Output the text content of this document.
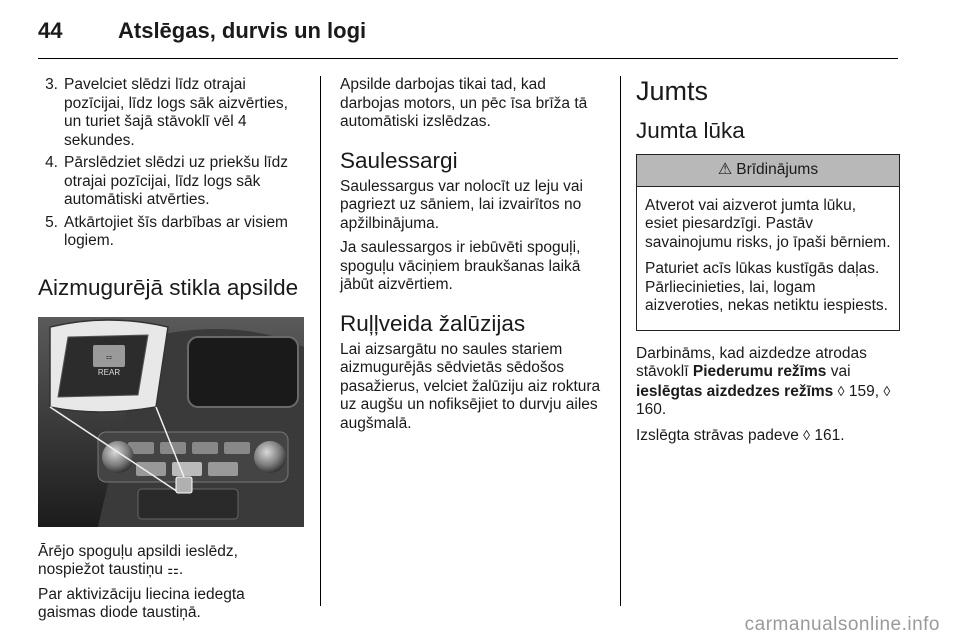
44	Atslēgas, durvis un logi
3. Pavelciet slēdzi līdz otrajai pozīcijai, līdz logs sāk aizvērties, un turiet šajā stāvoklī vēl 4 sekundes.
4. Pārslēdziet slēdzi uz priekšu līdz otrajai pozīcijai, līdz logs sāk automātiski atvērties.
5. Atkārtojiet šīs darbības ar visiem logiem.
Aizmugurējā stikla apsilde
⚏
REAR

Ārējo spoguļu apsildi ieslēdz, nospiežot taustiņu ⚏.

Par aktivizāciju liecina iedegta gaismas diode taustiņā.

Apsilde darbojas tikai tad, kad darbojas motors, un pēc īsa brīža tā automātiski izslēdzas.

Saulessargi

Saulessargus var nolocīt uz leju vai pagriezt uz sāniem, lai izvairītos no apžilbinājuma.

Ja saulessargos ir iebūvēti spoguļi, spoguļu vāciņiem braukšanas laikā jābūt aizvērtiem.

Ruļļveida žalūzijas

Lai aizsargātu no saules stariem aizmugurējās sēdvietās sēdošos pasažierus, velciet žalūziju aiz roktura uz augšu un nofiksējiet to durvju ailes augšmalā.

Jumts
Jumta lūka
⚠ Brīdinājums

Atverot vai aizverot jumta lūku, esiet piesardzīgi. Pastāv savainojumu risks, jo īpaši bērniem.

Paturiet acīs lūkas kustīgās daļas. Pārliecinieties, lai, logam aizveroties, nekas netiktu iespiests.

Darbināms, kad aizdedze atrodas stāvoklī Piederumu režīms vai ieslēgtas aizdedzes režīms ◊ 159, ◊ 160.

Izslēgta strāvas padeve ◊ 161.

carmanualsonline.info
